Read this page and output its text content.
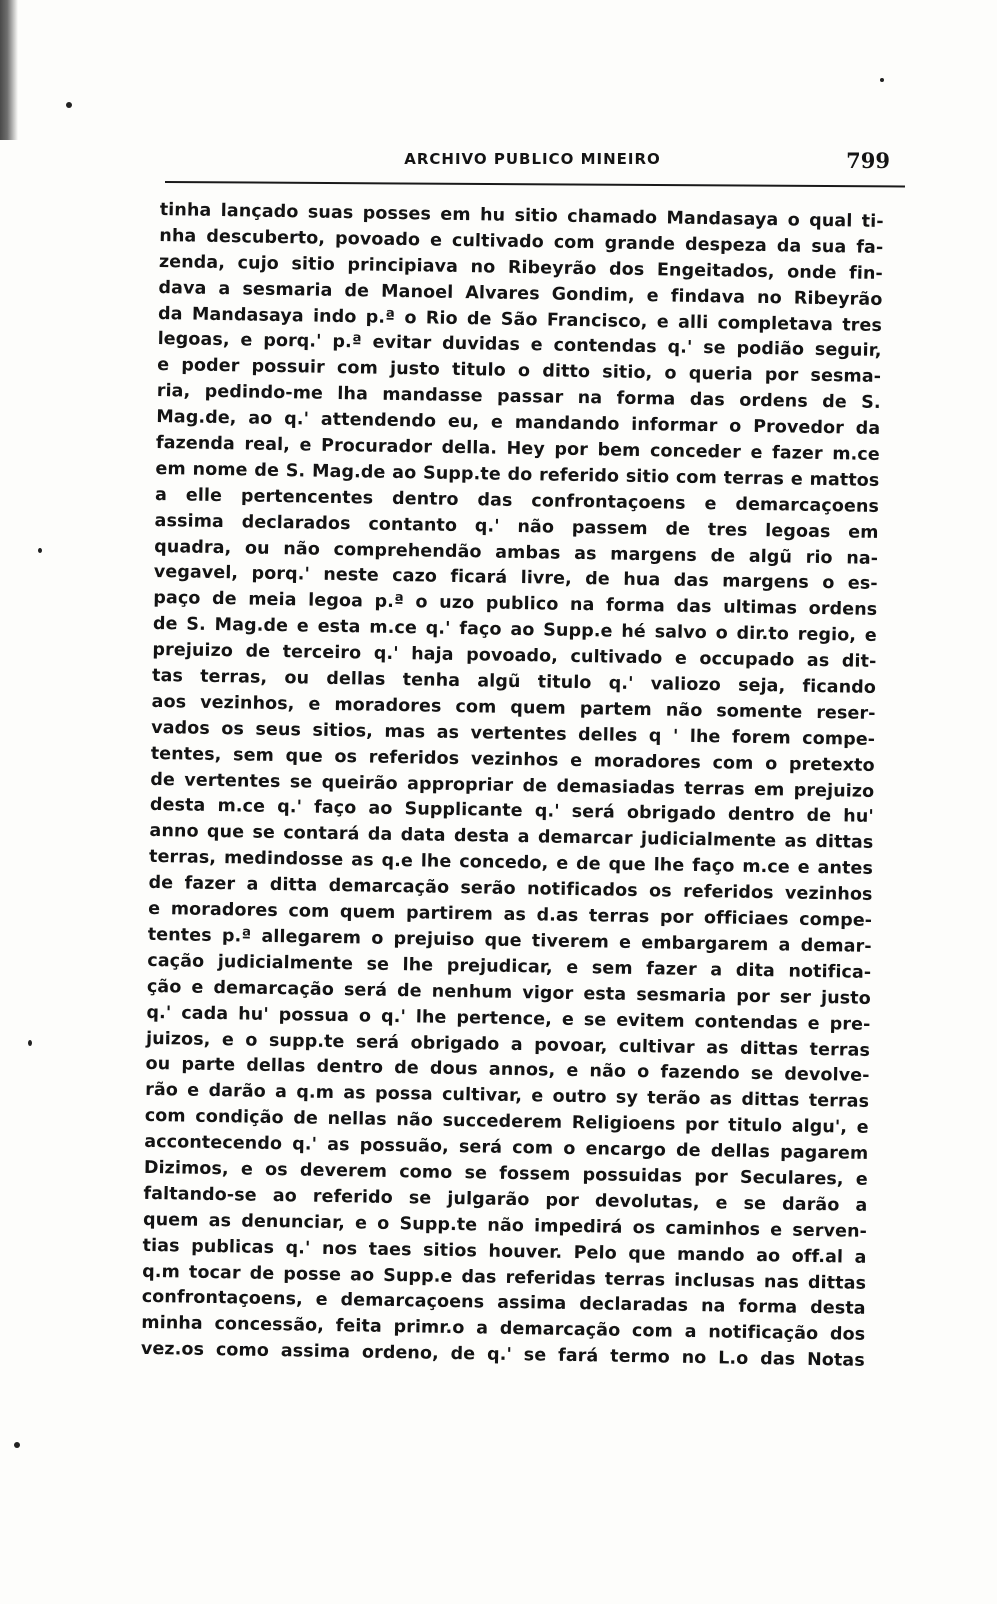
ARCHIVO PUBLICO MINEIRO	799
tinha lançado suas posses em hu sitio chamado Mandasaya o qual ti-
nha descuberto, povoado e cultivado com grande despeza da sua fa-
zenda, cujo sitio principiava no Ribeyrão dos Engeitados, onde fin-
dava a sesmaria de Manoel Alvares Gondim, e findava no Ribeyrão
da Mandasaya indo p.ª o Rio de São Francisco, e alli completava tres
legoas, e porq.' p.ª evitar duvidas e contendas q.' se podião seguir,
e poder possuir com justo titulo o ditto sitio, o queria por sesma-
ria, pedindo-me lha mandasse passar na forma das ordens de S.
Mag.de, ao q.' attendendo eu, e mandando informar o Provedor da
fazenda real, e Procurador della. Hey por bem conceder e fazer m.ce
em nome de S. Mag.de ao Supp.te do referido sitio com terras e mattos
a elle pertencentes dentro das confrontaçoens e demarcaçoens
assima declarados contanto q.' não passem de tres legoas em
quadra, ou não comprehendão ambas as margens de algũ rio na-
vegavel, porq.' neste cazo ficará livre, de hua das margens o es-
paço de meia legoa p.ª o uzo publico na forma das ultimas ordens
de S. Mag.de e esta m.ce q.' faço ao Supp.e hé salvo o dir.to regio, e
prejuizo de terceiro q.' haja povoado, cultivado e occupado as dit-
tas terras, ou dellas tenha algũ titulo q.' valiozo seja, ficando
aos vezinhos, e moradores com quem partem não somente reser-
vados os seus sitios, mas as vertentes delles q ' lhe forem compe-
tentes, sem que os referidos vezinhos e moradores com o pretexto
de vertentes se queirão appropriar de demasiadas terras em prejuizo
desta m.ce q.' faço ao Supplicante q.' será obrigado dentro de hu'
anno que se contará da data desta a demarcar judicialmente as dittas
terras, medindosse as q.e lhe concedo, e de que lhe faço m.ce e antes
de fazer a ditta demarcação serão notificados os referidos vezinhos
e moradores com quem partirem as d.as terras por officiaes compe-
tentes p.ª allegarem o prejuiso que tiverem e embargarem a demar-
cação judicialmente se lhe prejudicar, e sem fazer a dita notifica-
ção e demarcação será de nenhum vigor esta sesmaria por ser justo
q.' cada hu' possua o q.' lhe pertence, e se evitem contendas e pre-
juizos, e o supp.te será obrigado a povoar, cultivar as dittas terras
ou parte dellas dentro de dous annos, e não o fazendo se devolve-
rão e darão a q.m as possa cultivar, e outro sy terão as dittas terras
com condição de nellas não succederem Religioens por titulo algu', e
accontecendo q.' as possuão, será com o encargo de dellas pagarem
Dizimos, e os deverem como se fossem possuidas por Seculares, e
faltando-se ao referido se julgarão por devolutas, e se darão a
quem as denunciar, e o Supp.te não impedirá os caminhos e serven-
tias publicas q.' nos taes sitios houver. Pelo que mando ao off.al a
q.m tocar de posse ao Supp.e das referidas terras inclusas nas dittas
confrontaçoens, e demarcaçoens assima declaradas na forma desta
minha concessão, feita primr.o a demarcação com a notificação dos
vez.os como assima ordeno, de q.' se fará termo no L.o das Notas
